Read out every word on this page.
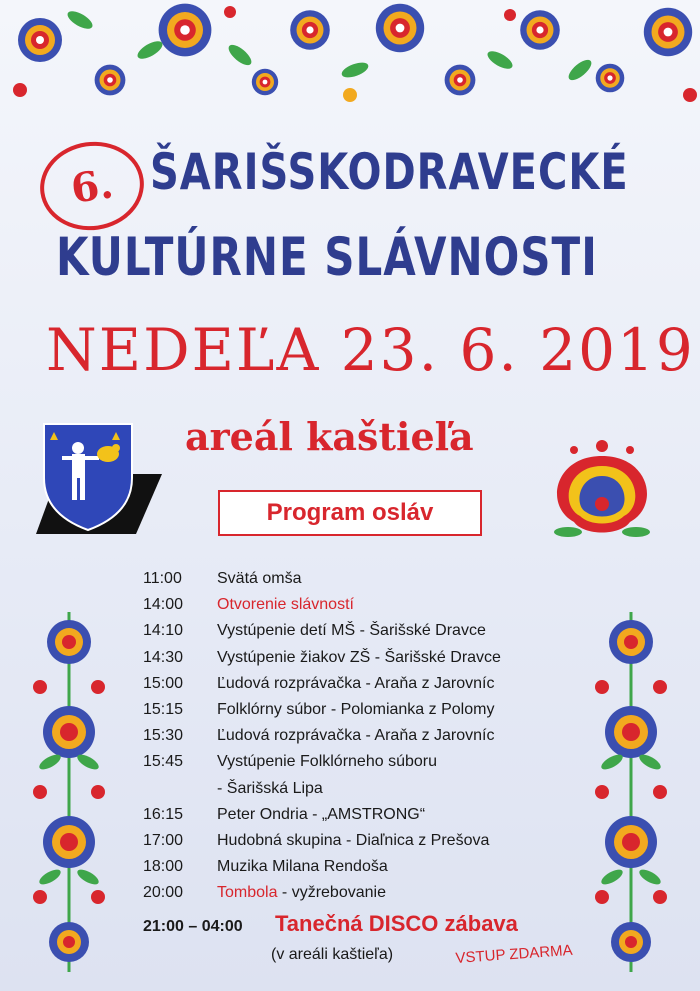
6. ŠARIŠSKODRAVECKÉ
KULTÚRNE SLÁVNOSTI
NEDEĽA 23. 6. 2019
areál kaštieľa
Program osláv
11:00	Svätá omša
14:00	Otvorenie slávností
14:10	Vystúpenie detí MŠ - Šarišské Dravce
14:30	Vystúpenie žiakov ZŠ - Šarišské Dravce
15:00	Ľudová rozprávačka - Araňa z Jarovníc
15:15	Folklórny súbor - Polomianka z Polomy
15:30	Ľudová rozprávačka - Araňa z Jarovníc
15:45	Vystúpenie Folklórneho súboru
- Šarišská Lipa
16:15	Peter Ondria - „AMSTRONG“
17:00	Hudobná skupina - Diaľnica z Prešova
18:00	Muzika Milana Rendoša
20:00	Tombola - vyžrebovanie
21:00 – 04:00 Tanečná DISCO zábava
(v areáli kaštieľa)	VSTUP ZDARMA
